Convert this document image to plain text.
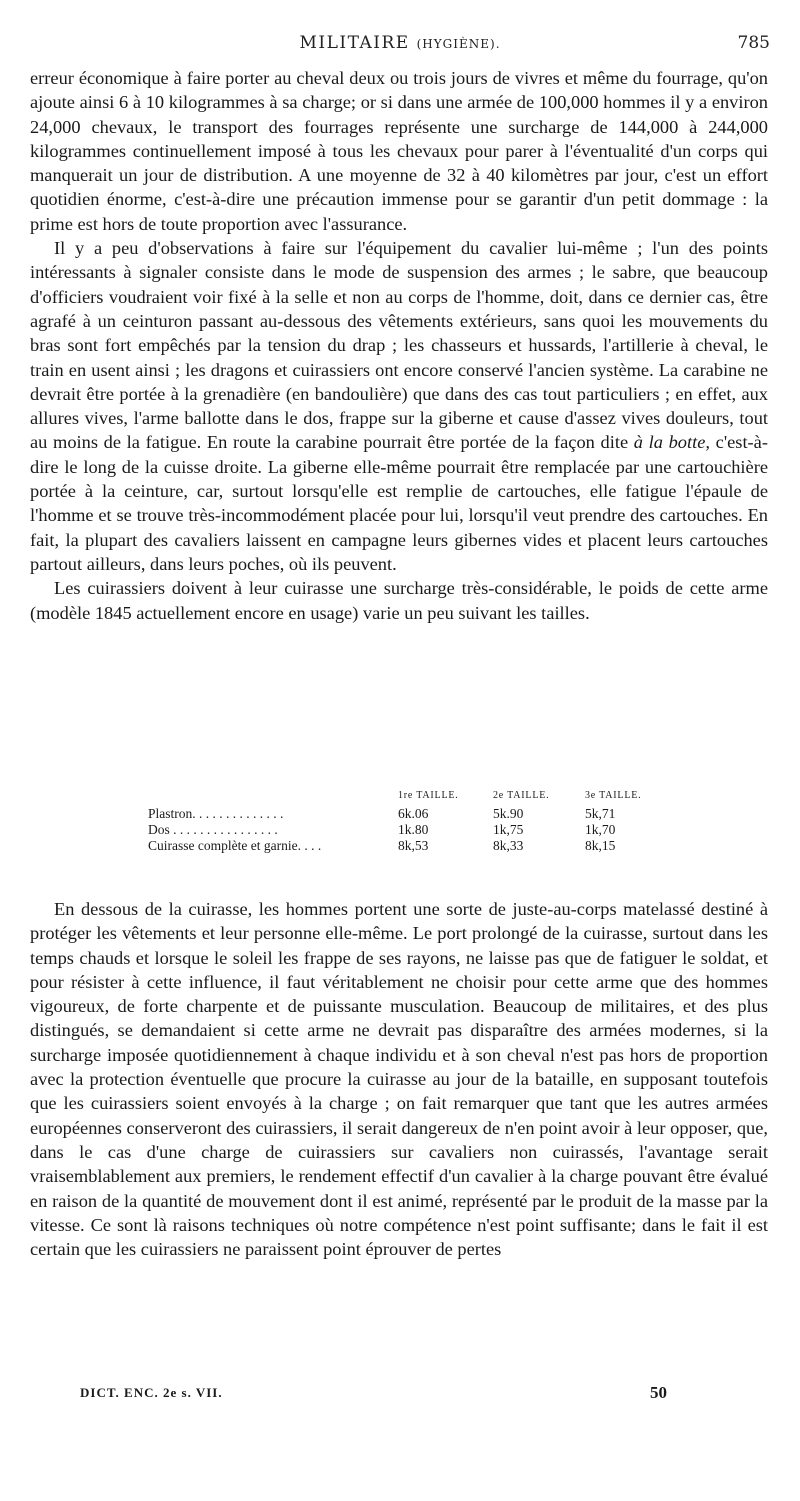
MILITAIRE (HYGIÈNE).	785

erreur économique à faire porter au cheval deux ou trois jours de vivres et même du fourrage, qu'on ajoute ainsi 6 à 10 kilogrammes à sa charge; or si dans une armée de 100,000 hommes il y a environ 24,000 chevaux, le transport des fourrages représente une surcharge de 144,000 à 244,000 kilogrammes continuellement imposé à tous les chevaux pour parer à l'éventualité d'un corps qui manquerait un jour de distribution. A une moyenne de 32 à 40 kilomètres par jour, c'est un effort quotidien énorme, c'est-à-dire une précaution immense pour se garantir d'un petit dommage : la prime est hors de toute proportion avec l'assurance.

Il y a peu d'observations à faire sur l'équipement du cavalier lui-même ; l'un des points intéressants à signaler consiste dans le mode de suspension des armes ; le sabre, que beaucoup d'officiers voudraient voir fixé à la selle et non au corps de l'homme, doit, dans ce dernier cas, être agrafé à un ceinturon passant au-dessous des vêtements extérieurs, sans quoi les mouvements du bras sont fort empêchés par la tension du drap ; les chasseurs et hussards, l'artillerie à cheval, le train en usent ainsi ; les dragons et cuirassiers ont encore conservé l'ancien système. La carabine ne devrait être portée à la grenadière (en bandoulière) que dans des cas tout particuliers ; en effet, aux allures vives, l'arme ballotte dans le dos, frappe sur la giberne et cause d'assez vives douleurs, tout au moins de la fatigue. En route la carabine pourrait être portée de la façon dite à la botte, c'est-à-dire le long de la cuisse droite. La giberne elle-même pourrait être remplacée par une cartouchière portée à la ceinture, car, surtout lorsqu'elle est remplie de cartouches, elle fatigue l'épaule de l'homme et se trouve très-incommodément placée pour lui, lorsqu'il veut prendre des cartouches. En fait, la plupart des cavaliers laissent en campagne leurs gibernes vides et placent leurs cartouches partout ailleurs, dans leurs poches, où ils peuvent.

Les cuirassiers doivent à leur cuirasse une surcharge très-considérable, le poids de cette arme (modèle 1845 actuellement encore en usage) varie un peu suivant les tailles.

	1re TAILLE.	2e TAILLE.	3e TAILLE.
Plastron. . . . . . . . . . . . . .	6k.06	5k.90	5k,71
Dos . . . . . . . . . . . . . . . .	1k.80	1k,75	1k,70
Cuirasse complète et garnie. . . .	8k,53	8k,33	8k,15

En dessous de la cuirasse, les hommes portent une sorte de juste-au-corps matelassé destiné à protéger les vêtements et leur personne elle-même. Le port prolongé de la cuirasse, surtout dans les temps chauds et lorsque le soleil les frappe de ses rayons, ne laisse pas que de fatiguer le soldat, et pour résister à cette influence, il faut véritablement ne choisir pour cette arme que des hommes vigoureux, de forte charpente et de puissante musculation. Beaucoup de militaires, et des plus distingués, se demandaient si cette arme ne devrait pas disparaître des armées modernes, si la surcharge imposée quotidiennement à chaque individu et à son cheval n'est pas hors de proportion avec la protection éventuelle que procure la cuirasse au jour de la bataille, en supposant toutefois que les cuirassiers soient envoyés à la charge ; on fait remarquer que tant que les autres armées européennes conserveront des cuirassiers, il serait dangereux de n'en point avoir à leur opposer, que, dans le cas d'une charge de cuirassiers sur cavaliers non cuirassés, l'avantage serait vraisemblablement aux premiers, le rendement effectif d'un cavalier à la charge pouvant être évalué en raison de la quantité de mouvement dont il est animé, représenté par le produit de la masse par la vitesse. Ce sont là raisons techniques où notre compétence n'est point suffisante; dans le fait il est certain que les cuirassiers ne paraissent point éprouver de pertes

DICT. ENC. 2e s. VII.	50
